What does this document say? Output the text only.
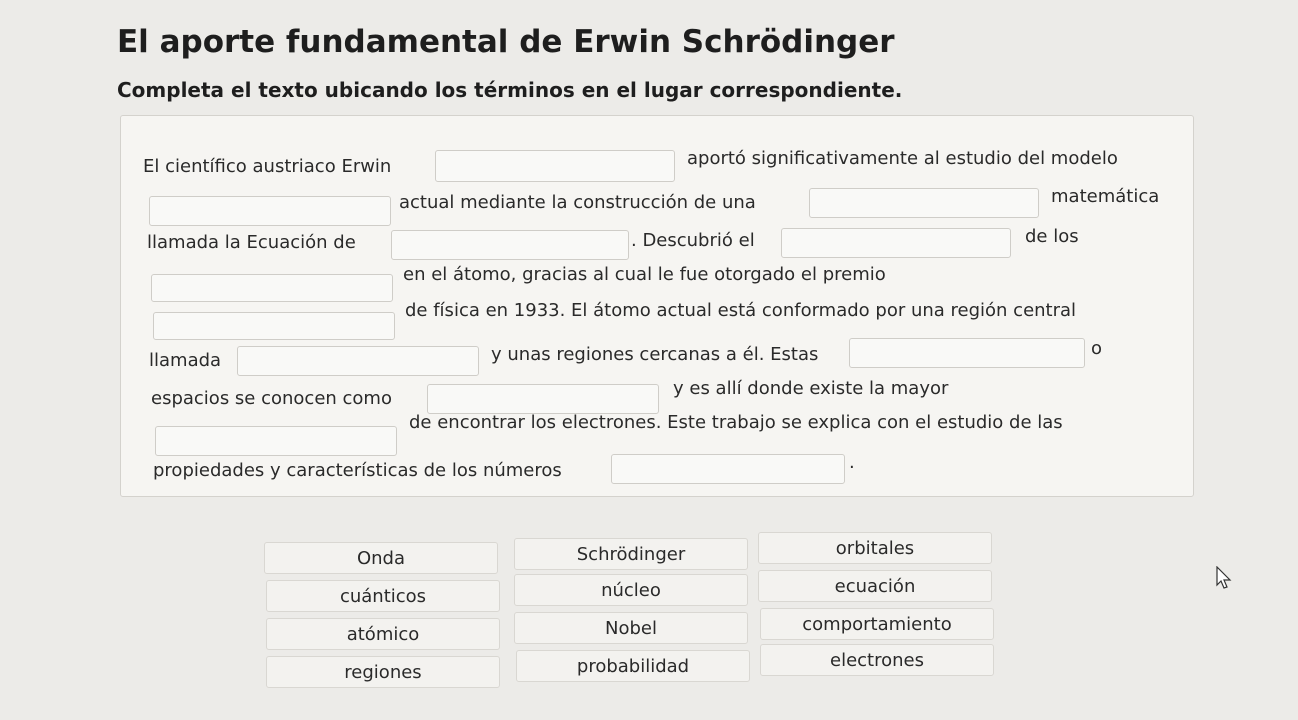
El aporte fundamental de Erwin Schrödinger

Completa el texto ubicando los términos en el lugar correspondiente.

El científico austriaco Erwin	aportó significativamente al estudio del modelo
actual mediante la construcción de una	matemática
llamada la Ecuación de	. Descubrió el	de los
en el átomo, gracias al cual le fue otorgado el premio
de física en 1933. El átomo actual está conformado por una región central
llamada	y unas regiones cercanas a él. Estas	o
espacios se conocen como	y es allí donde existe la mayor
de encontrar los electrones. Este trabajo se explica con el estudio de las
propiedades y características de los números	.
Onda	Schrödinger	orbitales
cuánticos	núcleo	ecuación
atómico	Nobel	comportamiento
regiones	probabilidad	electrones
